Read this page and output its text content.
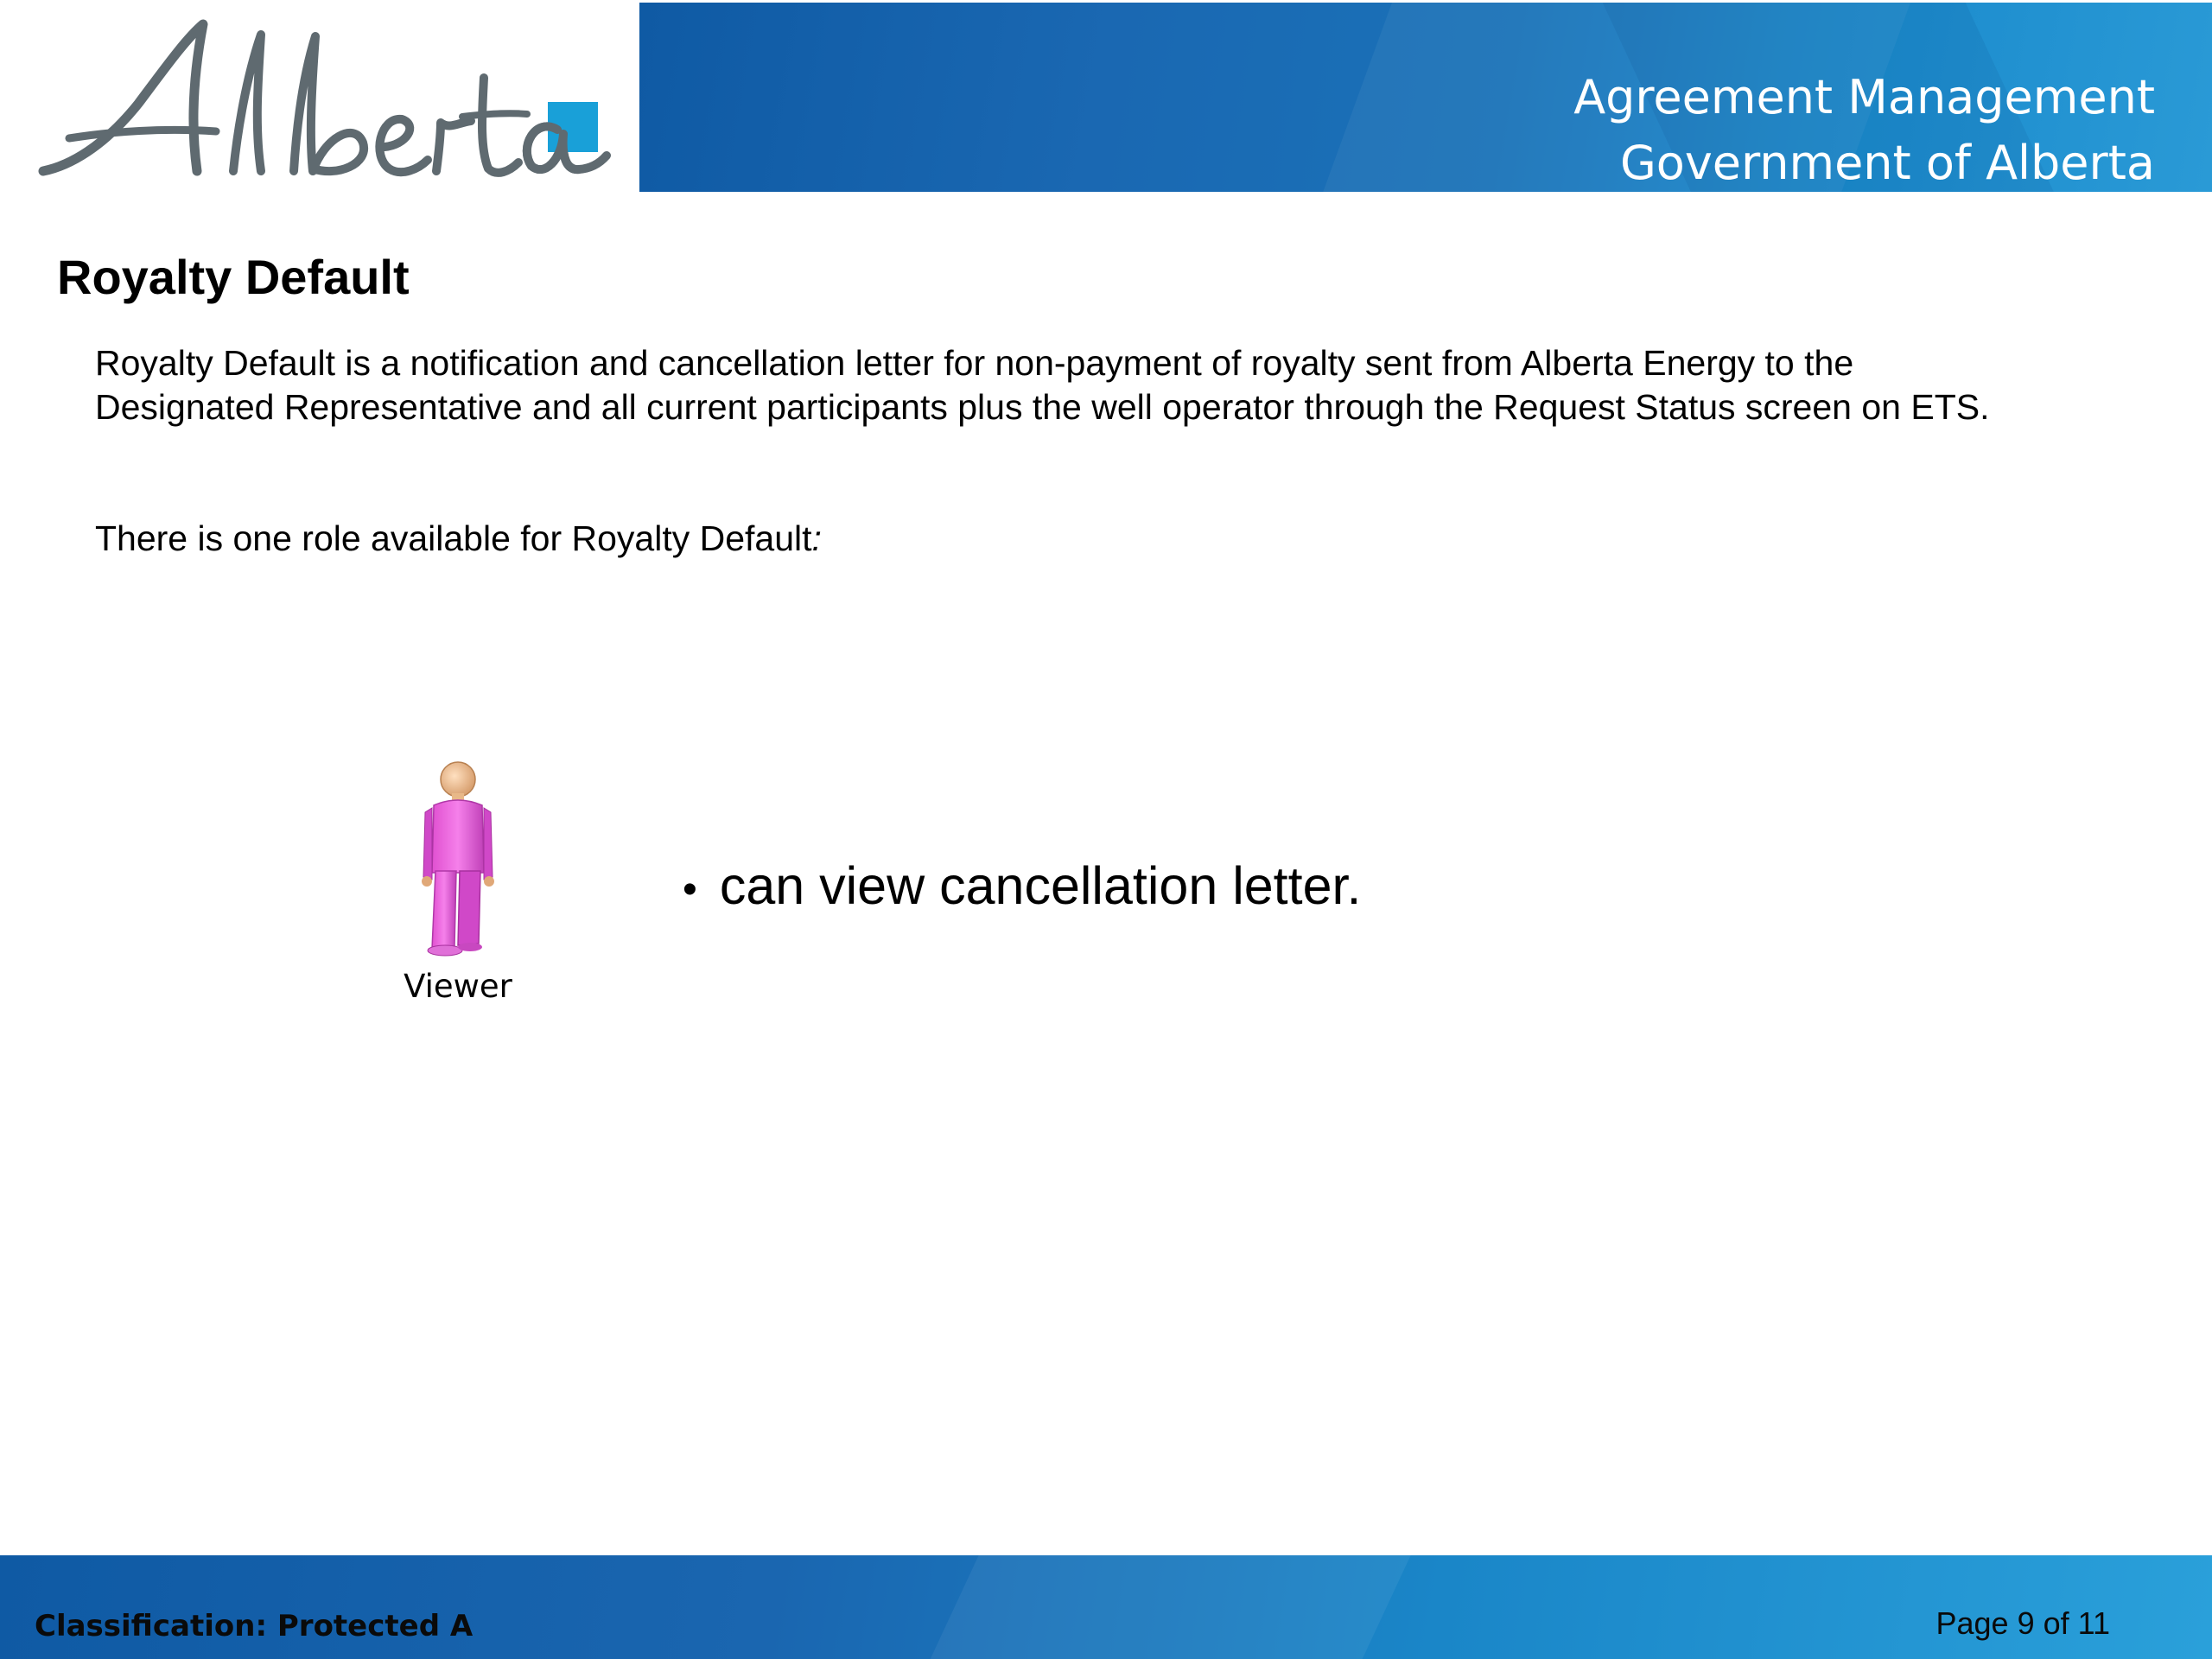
Agreement Management
Government of Alberta
Royalty Default
Royalty Default is a notification and cancellation letter for non-payment of royalty sent from Alberta Energy to the
Designated Representative and all current participants plus the well operator through the Request Status screen on ETS.
There is one role available for Royalty Default:
Viewer
• can view cancellation letter.
Classification: Protected A	Page 9 of 11
